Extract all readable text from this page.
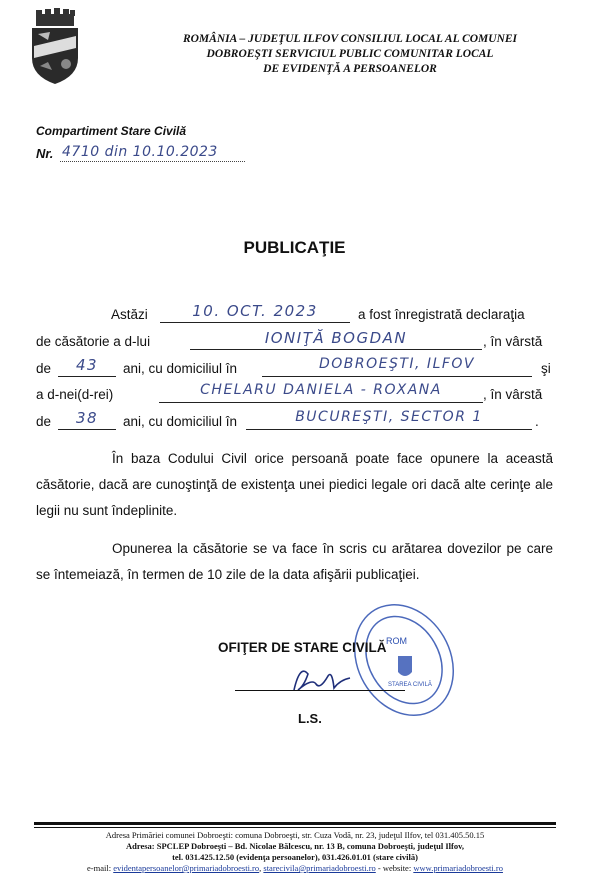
ROMÂNIA – JUDEŢUL ILFOV CONSILIUL LOCAL AL COMUNEI
DOBROEŞTI SERVICIUL PUBLIC COMUNITAR LOCAL
DE EVIDENŢĂ A PERSOANELOR
Compartiment Stare Civilă
Nr. 4710 din 10.10.2023
PUBLICAŢIE
Astăzi	10. OCT. 2023	a fost înregistrată declaraţia
de căsătorie a d-lui	IONIŢĂ BOGDAN	, în vârstă
de	43	ani, cu domiciliul în	DOBROEŞTI, ILFOV	şi
a d-nei(d-rei)	CHELARU DANIELA - ROXANA	, în vârstă
de	38	ani, cu domiciliul în	BUCUREŞTI, SECTOR 1	.
În baza Codului Civil orice persoană poate face opunere la această căsătorie, dacă are cunoştinţă de existenţa unei piedici legale ori dacă alte cerinţe ale legii nu sunt îndeplinite.
Opunerea la căsătorie se va face în scris cu arătarea dovezilor pe care se întemeiază, în termen de 10 zile de la data afişării publicaţiei.
STAREA CIVILĂ
ROM
OFIŢER DE STARE CIVILĂ
L.S.
Adresa Primăriei comunei Dobroeşti: comuna Dobroeşti, str. Cuza Vodă, nr. 23, judeţul Ilfov, tel 031.405.50.15
Adresa: SPCLEP Dobroeşti – Bd. Nicolae Bălcescu, nr. 13 B, comuna Dobroeşti, judeţul Ilfov,
tel. 031.425.12.50 (evidenţa persoanelor), 031.426.01.01 (stare civilă)
e-mail: evidentapersoanelor@primariadobroesti.ro, starecivila@primariadobroesti.ro - website: www.primariadobroesti.ro
